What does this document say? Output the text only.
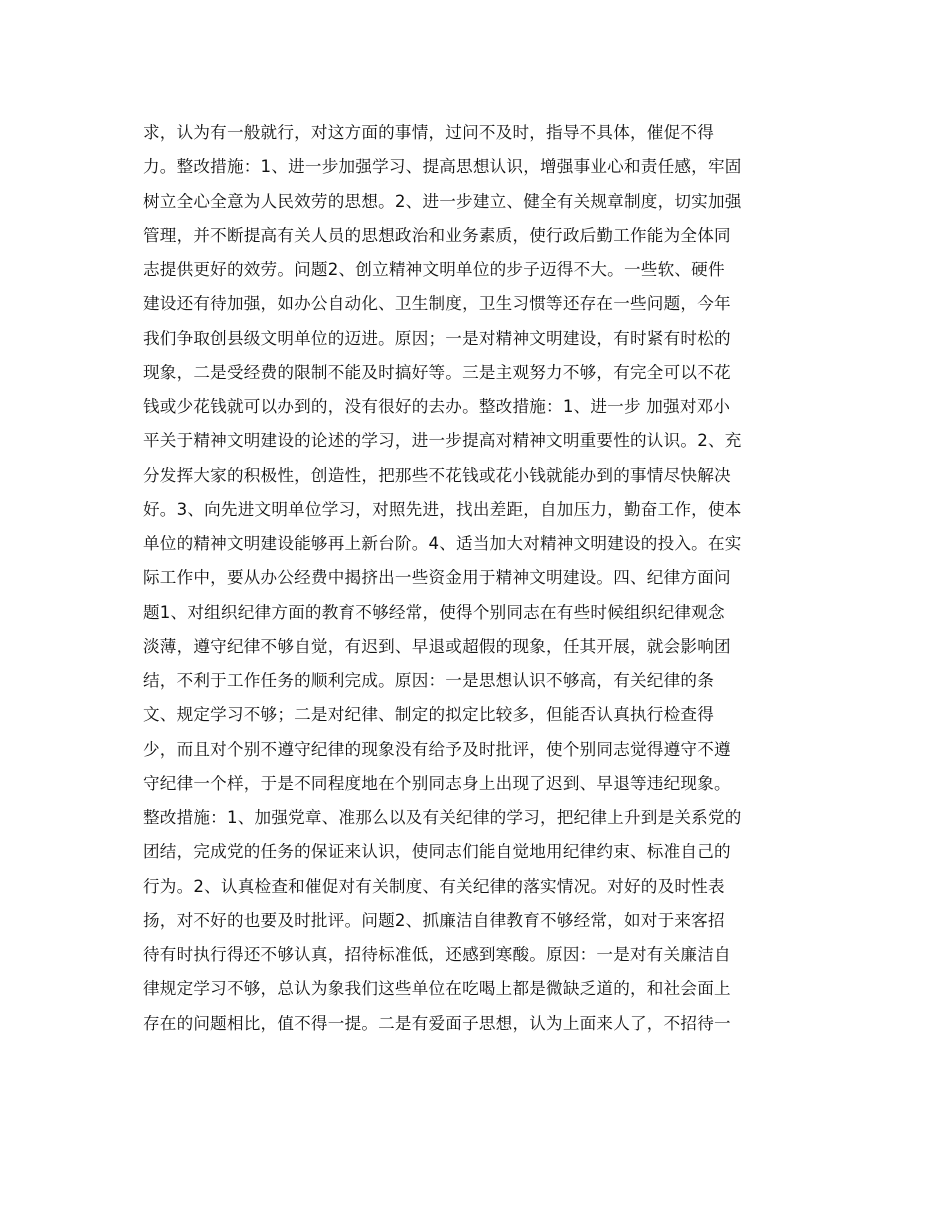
求，认为有一般就行，对这方面的事情，过问不及时，指导不具体，催促不得
力。整改措施：1、进一步加强学习、提高思想认识，增强事业心和责任感，牢固
树立全心全意为人民效劳的思想。2、进一步建立、健全有关规章制度，切实加强
管理，并不断提高有关人员的思想政治和业务素质，使行政后勤工作能为全体同
志提供更好的效劳。问题2、创立精神文明单位的步子迈得不大。一些软、硬件
建设还有待加强，如办公自动化、卫生制度，卫生习惯等还存在一些问题，今年
我们争取创县级文明单位的迈进。原因；一是对精神文明建设，有时紧有时松的
现象，二是受经费的限制不能及时搞好等。三是主观努力不够，有完全可以不花
钱或少花钱就可以办到的，没有很好的去办。整改措施：1、进一步 加强对邓小
平关于精神文明建设的论述的学习，进一步提高对精神文明重要性的认识。2、充
分发挥大家的积极性，创造性，把那些不花钱或花小钱就能办到的事情尽快解决
好。3、向先进文明单位学习，对照先进，找出差距，自加压力，勤奋工作，使本
单位的精神文明建设能够再上新台阶。4、适当加大对精神文明建设的投入。在实
际工作中，要从办公经费中揭挤出一些资金用于精神文明建设。四、纪律方面问
题1、对组织纪律方面的教育不够经常，使得个别同志在有些时候组织纪律观念
淡薄，遵守纪律不够自觉，有迟到、早退或超假的现象，任其开展，就会影响团
结，不利于工作任务的顺利完成。原因：一是思想认识不够高，有关纪律的条
文、规定学习不够；二是对纪律、制定的拟定比较多，但能否认真执行检查得
少，而且对个别不遵守纪律的现象没有给予及时批评，使个别同志觉得遵守不遵
守纪律一个样，于是不同程度地在个别同志身上出现了迟到、早退等违纪现象。
整改措施：1、加强党章、准那么以及有关纪律的学习，把纪律上升到是关系党的
团结，完成党的任务的保证来认识，使同志们能自觉地用纪律约束、标准自己的
行为。2、认真检查和催促对有关制度、有关纪律的落实情况。对好的及时性表
扬，对不好的也要及时批评。问题2、抓廉洁自律教育不够经常，如对于来客招
待有时执行得还不够认真，招待标准低，还感到寒酸。原因：一是对有关廉洁自
律规定学习不够，总认为象我们这些单位在吃喝上都是微缺乏道的，和社会面上
存在的问题相比，值不得一提。二是有爱面子思想，认为上面来人了，不招待一
